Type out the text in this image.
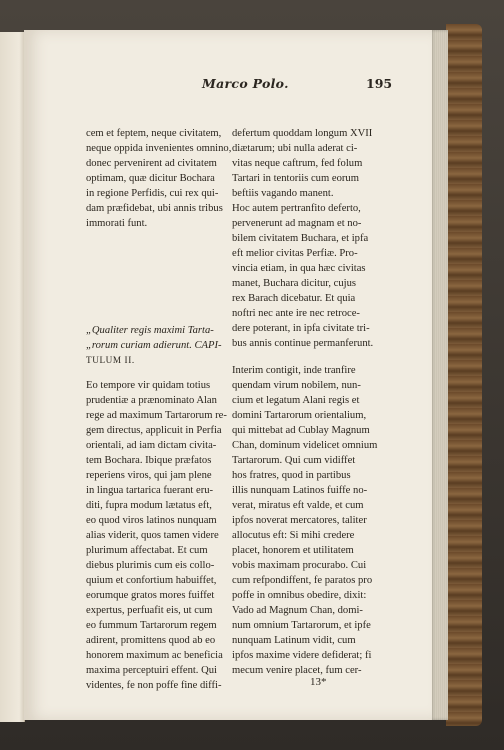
Marco Polo.	195
cem et feptem, neque civitatem,
neque oppida invenientes omnino,
donec pervenirent ad civitatem
optimam, quæ dicitur Bochara
in regione Perfidis, cui rex qui-
dam præfidebat, ubi annis tribus
immorati funt.
„Qualiter regis maximi Tarta-
„rorum curiam adierunt. CAPI-
TULUM II.
Eo tempore vir quidam totius
prudentiæ a prænominato Alan
rege ad maximum Tartarorum re-
gem directus, applicuit in Perfia
orientali, ad iam dictam civita-
tem Bochara. Ibique præfatos
reperiens viros, qui jam plene
in lingua tartarica fuerant eru-
diti, fupra modum lætatus eft,
eo quod viros latinos nunquam
alias viderit, quos tamen videre
plurimum affectabat. Et cum
diebus plurimis cum eis collo-
quium et confortium habuiffet,
eorumque gratos mores fuiffet
expertus, perfuafit eis, ut cum
eo fummum Tartarorum regem
adirent, promittens quod ab eo
honorem maximum ac beneficia
maxima perceptuiri effent. Qui
videntes, fe non poffe fine diffi-
defertum quoddam longum XVII
diætarum; ubi nulla aderat ci-
vitas neque caftrum, fed folum
Tartari in tentoriis cum eorum
beftiis vagando manent.
Hoc autem pertranfito deferto,
pervenerunt ad magnam et no-
bilem civitatem Buchara, et ipfa
eft melior civitas Perfiæ. Pro-
vincia etiam, in qua hæc civitas
manet, Buchara dicitur, cujus
rex Barach dicebatur. Et quia
noftri nec ante ire nec retroce-
dere poterant, in ipfa civitate tri-
bus annis continue permanferunt.
Interim contigit, inde tranfire
quendam virum nobilem, nun-
cium et legatum Alani regis et
domini Tartarorum orientalium,
qui mittebat ad Cublay Magnum
Chan, dominum videlicet omnium
Tartarorum. Qui cum vidiffet
hos fratres, quod in partibus
illis nunquam Latinos fuiffe no-
verat, miratus eft valde, et cum
ipfos noverat mercatores, taliter
allocutus eft: Si mihi credere
placet, honorem et utilitatem
vobis maximam procurabo. Cui
cum refpondiffent, fe paratos pro
poffe in omnibus obedire, dixit:
Vado ad Magnum Chan, domi-
num omnium Tartarorum, et ipfe
nunquam Latinum vidit, cum
ipfos maxime videre defiderat; fi
mecum venire placet, fum cer-
13*
